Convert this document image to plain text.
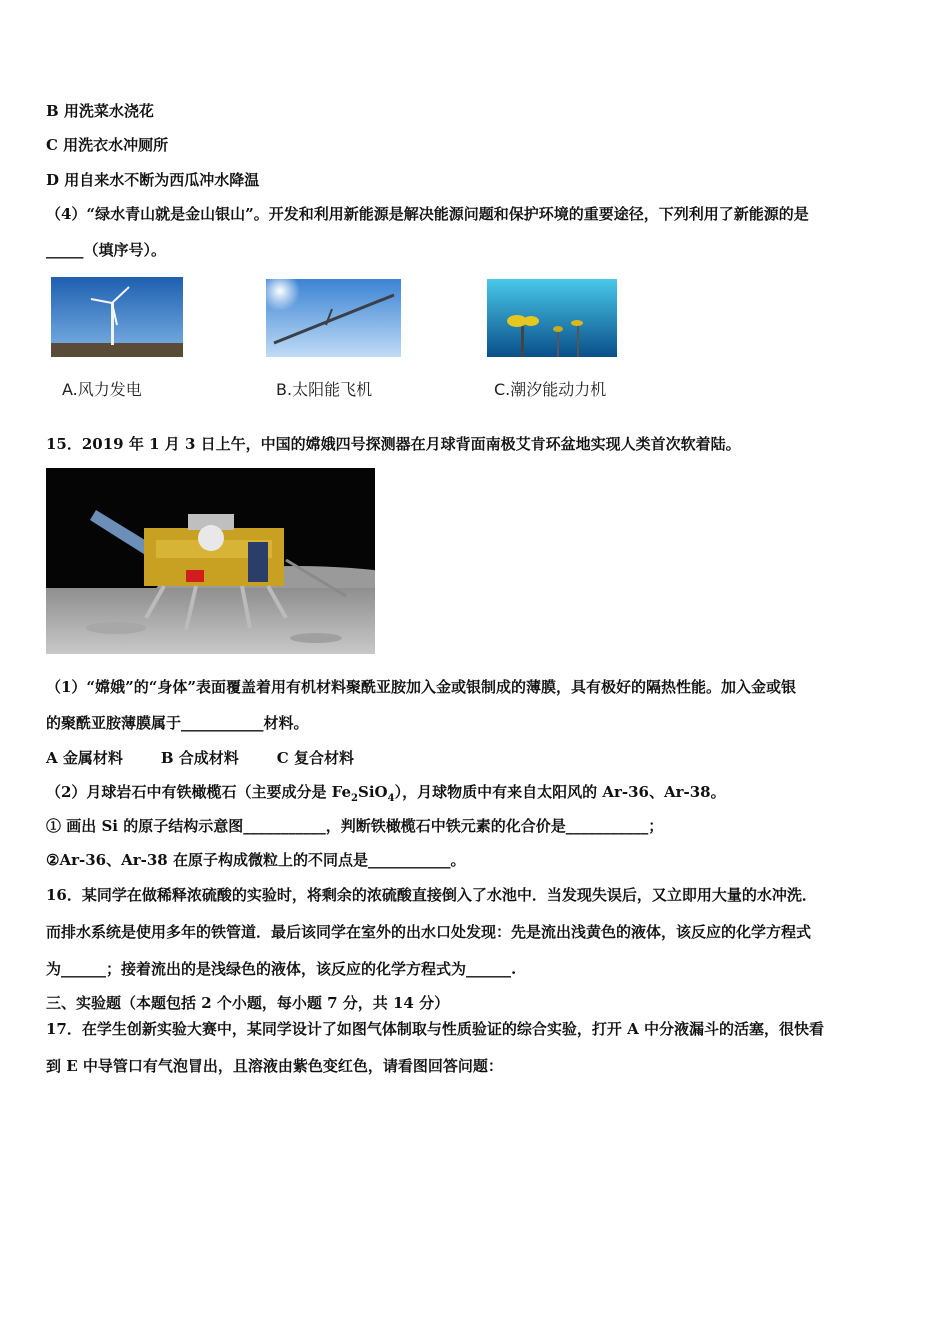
B 用洗菜水浇花
C 用洗衣水冲厕所
D 用自来水不断为西瓜冲水降温
（4）“绿水青山就是金山银山”。开发和利用新能源是解决能源问题和保护环境的重要途径，下列利用了新能源的是
_____（填序号）。
A.风力发电	B.太阳能飞机	C.潮汐能动力机
15．2019 年 1 月 3 日上午，中国的嫦娥四号探测器在月球背面南极艾肯环盆地实现人类首次软着陆。
（1）“嫦娥”的“身体”表面覆盖着用有机材料聚酰亚胺加入金或银制成的薄膜，具有极好的隔热性能。加入金或银
的聚酰亚胺薄膜属于___________材料。
A 金属材料	B 合成材料	C 复合材料
（2）月球岩石中有铁橄榄石（主要成分是 $Fe_2SiO_4$），月球物质中有来自太阳风的 Ar-36、Ar-38。
① 画出 Si 的原子结构示意图___________，判断铁橄榄石中铁元素的化合价是___________；
②Ar-36、Ar-38 在原子构成微粒上的不同点是___________。
16．某同学在做稀释浓硫酸的实验时，将剩余的浓硫酸直接倒入了水池中．当发现失误后，又立即用大量的水冲洗．
而排水系统是使用多年的铁管道．最后该同学在室外的出水口处发现：先是流出浅黄色的液体，该反应的化学方程式
为______；接着流出的是浅绿色的液体，该反应的化学方程式为______.
三、实验题（本题包括 2 个小题，每小题 7 分，共 14 分）
17．在学生创新实验大赛中，某同学设计了如图气体制取与性质验证的综合实验，打开 A 中分液漏斗的活塞，很快看
到 E 中导管口有气泡冒出，且溶液由紫色变红色，请看图回答问题：
